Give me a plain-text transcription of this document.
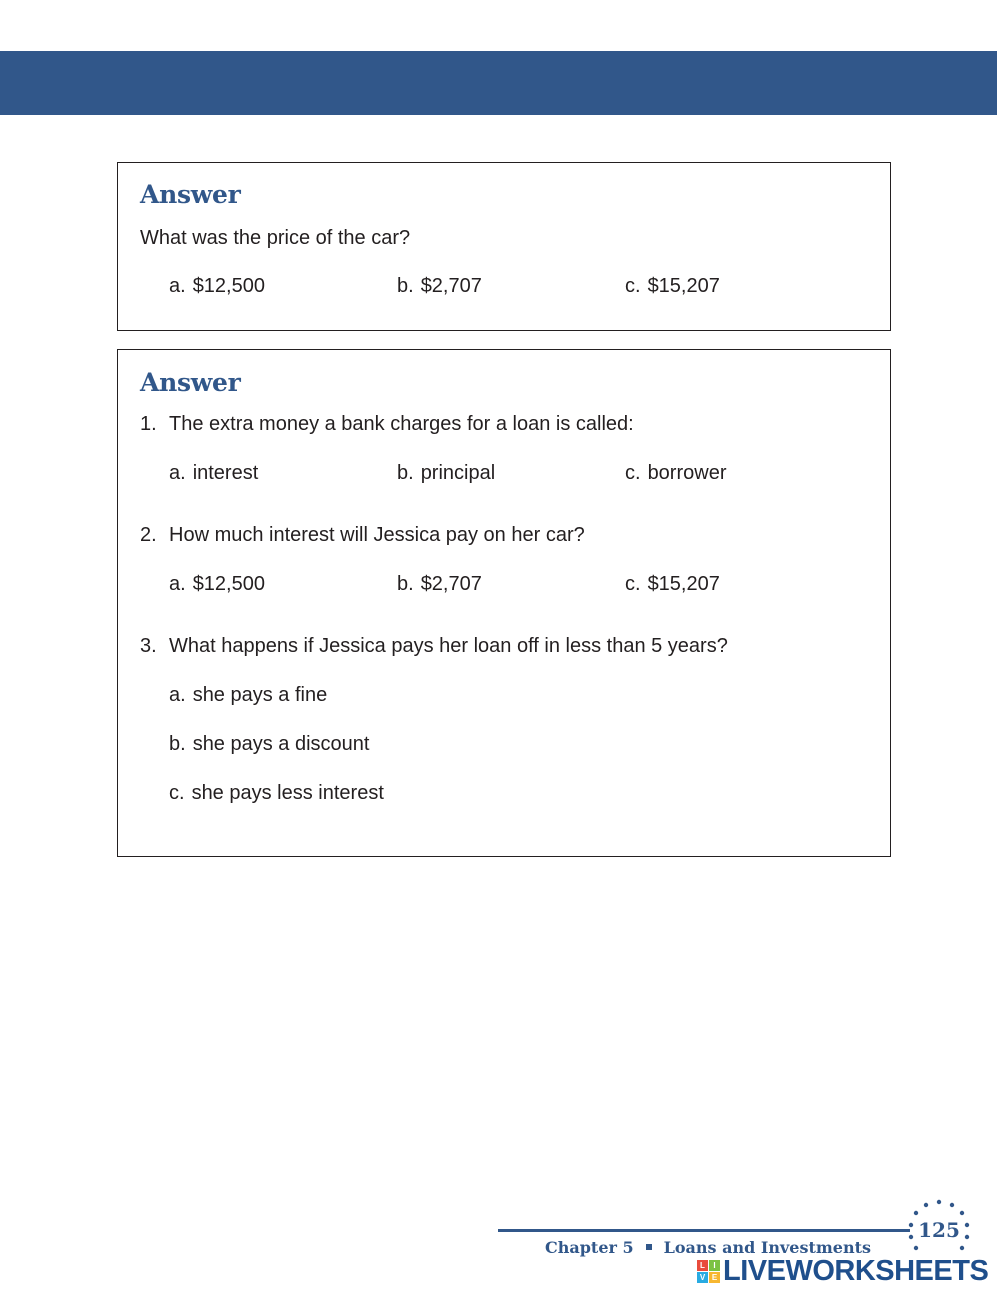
Answer
What was the price of the car?
a. $12,500	b. $2,707	c. $15,207
Answer
1. The extra money a bank charges for a loan is called:
a. interest	b. principal	c. borrower
2. How much interest will Jessica pay on her car?
a. $12,500	b. $2,707	c. $15,207
3. What happens if Jessica pays her loan off in less than 5 years?
a. she pays a fine
b. she pays a discount
c. she pays less interest
Chapter 5 Loans and Investments
125
L	I
V E LIVEWORKSHEETS
